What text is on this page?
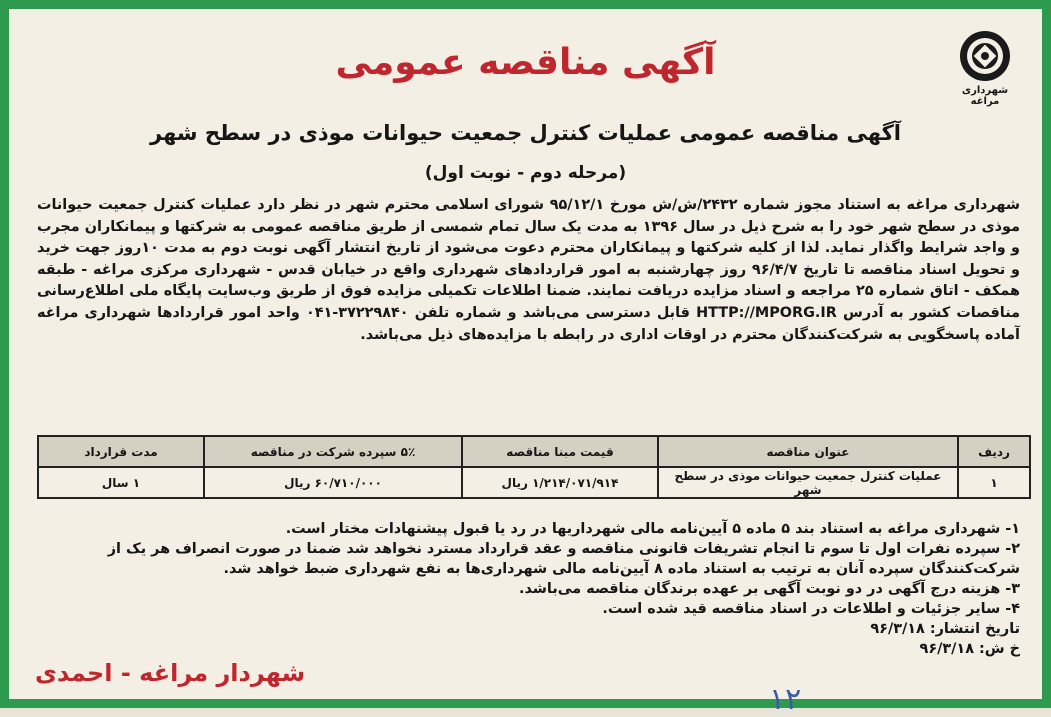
شهرداری مراغه
آگهی مناقصه عمومی
آگهی مناقصه عمومی عملیات کنترل جمعیت حیوانات موذی در سطح شهر
(مرحله دوم - نوبت اول)
شهرداری مراغه به استناد مجوز شماره ۲۴۳۲/ش/ش مورخ ۹۵/۱۲/۱ شورای اسلامی محترم شهر در نظر دارد عملیات کنترل جمعیت حیوانات موذی در سطح شهر خود را به شرح ذیل در سال ۱۳۹۶ به مدت یک سال تمام شمسی از طریق مناقصه عمومی به شرکتها و پیمانکاران مجرب و واجد شرایط واگذار نماید. لذا از کلیه شرکتها و پیمانکاران محترم دعوت می‌شود از تاریخ انتشار آگهی نوبت دوم به مدت ۱۰روز جهت خرید و تحویل اسناد مناقصه تا تاریخ ۹۶/۴/۷ روز چهارشنبه به امور قراردادهای شهرداری واقع در خیابان قدس - شهرداری مرکزی مراغه - طبقه همکف - اتاق شماره ۲۵ مراجعه و اسناد مزایده دریافت نمایند. ضمنا اطلاعات تکمیلی مزایده فوق از طریق وب‌سایت پایگاه ملی اطلاع‌رسانی مناقصات کشور به آدرس HTTP://MPORG.IR قابل دسترسی می‌باشد و شماره تلفن ۳۷۲۲۹۸۴۰-۰۴۱ واحد امور قراردادها شهرداری مراغه آماده پاسخگویی به شرکت‌کنندگان محترم در اوقات اداری در رابطه با مزایده‌های ذیل می‌باشد.
ردیف	عنوان مناقصه	قیمت مبنا مناقصه	۵٪ سپرده شرکت در مناقصه	مدت قرارداد
۱	عملیات کنترل جمعیت حیوانات موذی در سطح شهر	۱/۲۱۴/۰۷۱/۹۱۴ ریال	۶۰/۷۱۰/۰۰۰ ریال	۱ سال

۱- شهرداری مراغه به استناد بند ۵ ماده ۵ آیین‌نامه مالی شهرداریها در رد یا قبول پیشنهادات مختار است.

۲- سپرده نفرات اول تا سوم تا انجام تشریفات قانونی مناقصه و عقد قرارداد مسترد نخواهد شد ضمنا در صورت انصراف هر یک از شرکت‌کنندگان سپرده آنان به ترتیب به استناد ماده ۸ آیین‌نامه مالی شهرداری‌ها به نفع شهرداری ضبط خواهد شد.

۳- هزینه درج آگهی در دو نوبت آگهی بر عهده برندگان مناقصه می‌باشد.

۴- سایر جزئیات و اطلاعات در اسناد مناقصه قید شده است.

تاریخ انتشار: ۹۶/۳/۱۸

خ ش: ۹۶/۳/۱۸

شهردار مراغه - احمدی
۱۲
